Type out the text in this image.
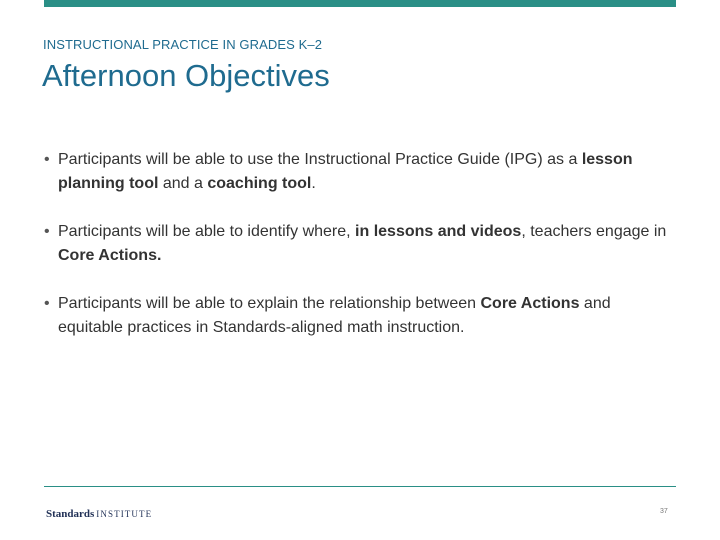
INSTRUCTIONAL PRACTICE IN GRADES K–2
Afternoon Objectives
• Participants will be able to use the Instructional Practice Guide (IPG) as a lesson planning tool and a coaching tool.
• Participants will be able to identify where, in lessons and videos, teachers engage in Core Actions.
• Participants will be able to explain the relationship between Core Actions and equitable practices in Standards-aligned math instruction.
Standards INSTITUTE	37
